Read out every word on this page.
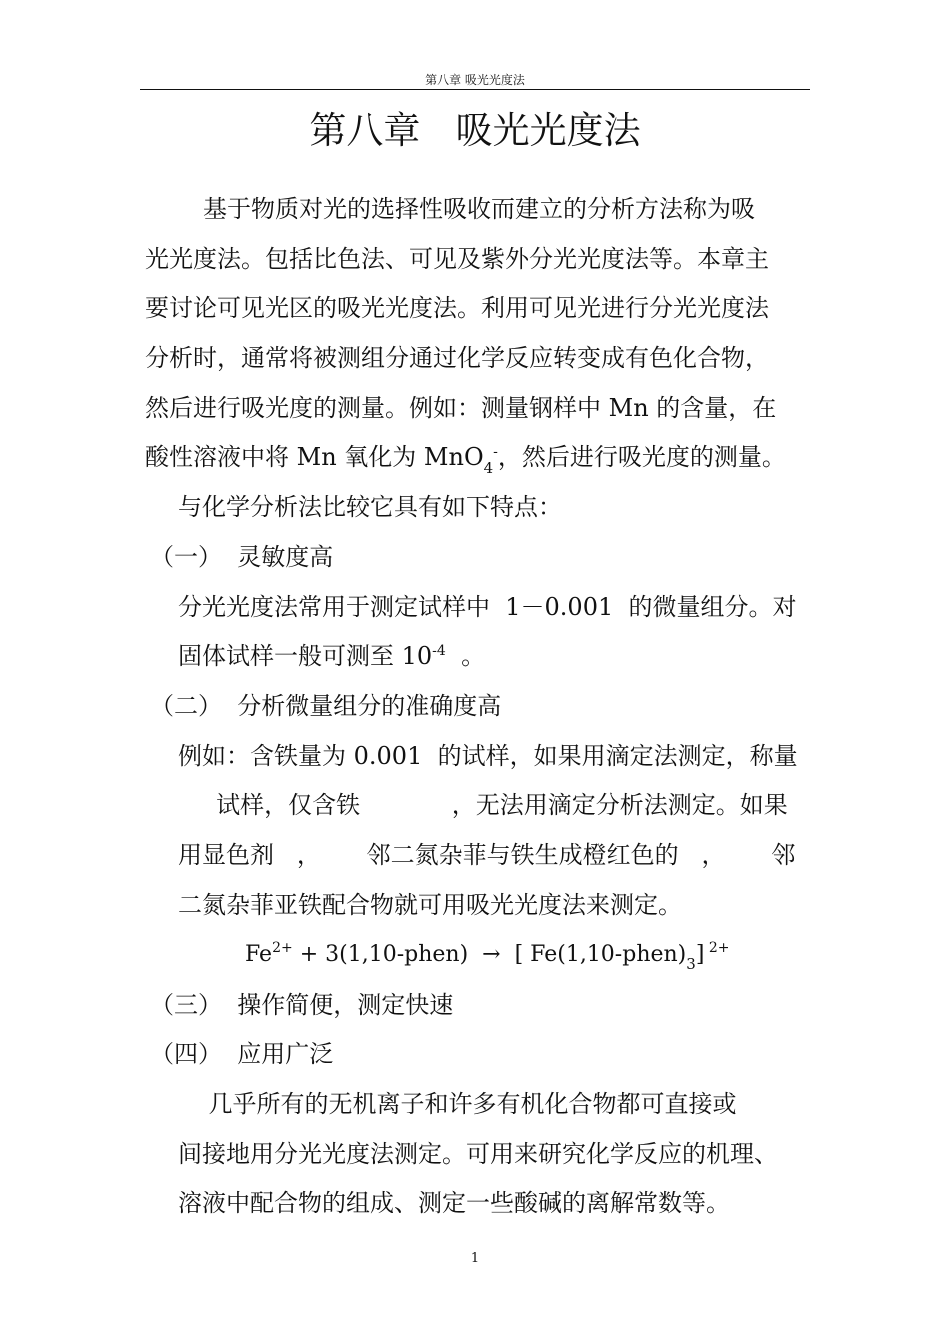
第八章 吸光光度法
第八章   吸光光度法
基于物质对光的选择性吸收而建立的分析方法称为吸
光光度法。包括比色法、可见及紫外分光光度法等。本章主
要讨论可见光区的吸光光度法。利用可见光进行分光光度法
分析时，通常将被测组分通过化学反应转变成有色化合物，
然后进行吸光度的测量。例如：测量钢样中 Mn 的含量，在
酸性溶液中将 Mn 氧化为 MnO$_4$-，然后进行吸光度的测量。
与化学分析法比较它具有如下特点：
（一）  灵敏度高
分光光度法常用于测定试样中  1－0.001  的微量组分。对
固体试样一般可测至 $10^{-4}$  。
（二）  分析微量组分的准确度高
例如：含铁量为 0.001  的试样，如果用滴定法测定，称量
试样，仅含铁            ，无法用滴定分析法测定。如果
用显色剂   ，      邻二氮杂菲与铁生成橙红色的   ，      邻
二氮杂菲亚铁配合物就可用吸光光度法来测定。
$Fe^{2+}$ + 3(1,10-phen)  →  [ $Fe(1,10-phen)_3$] $^{2+}$
（三）  操作简便，测定快速
（四）  应用广泛
几乎所有的无机离子和许多有机化合物都可直接或
间接地用分光光度法测定。可用来研究化学反应的机理、
溶液中配合物的组成、测定一些酸碱的离解常数等。
1
